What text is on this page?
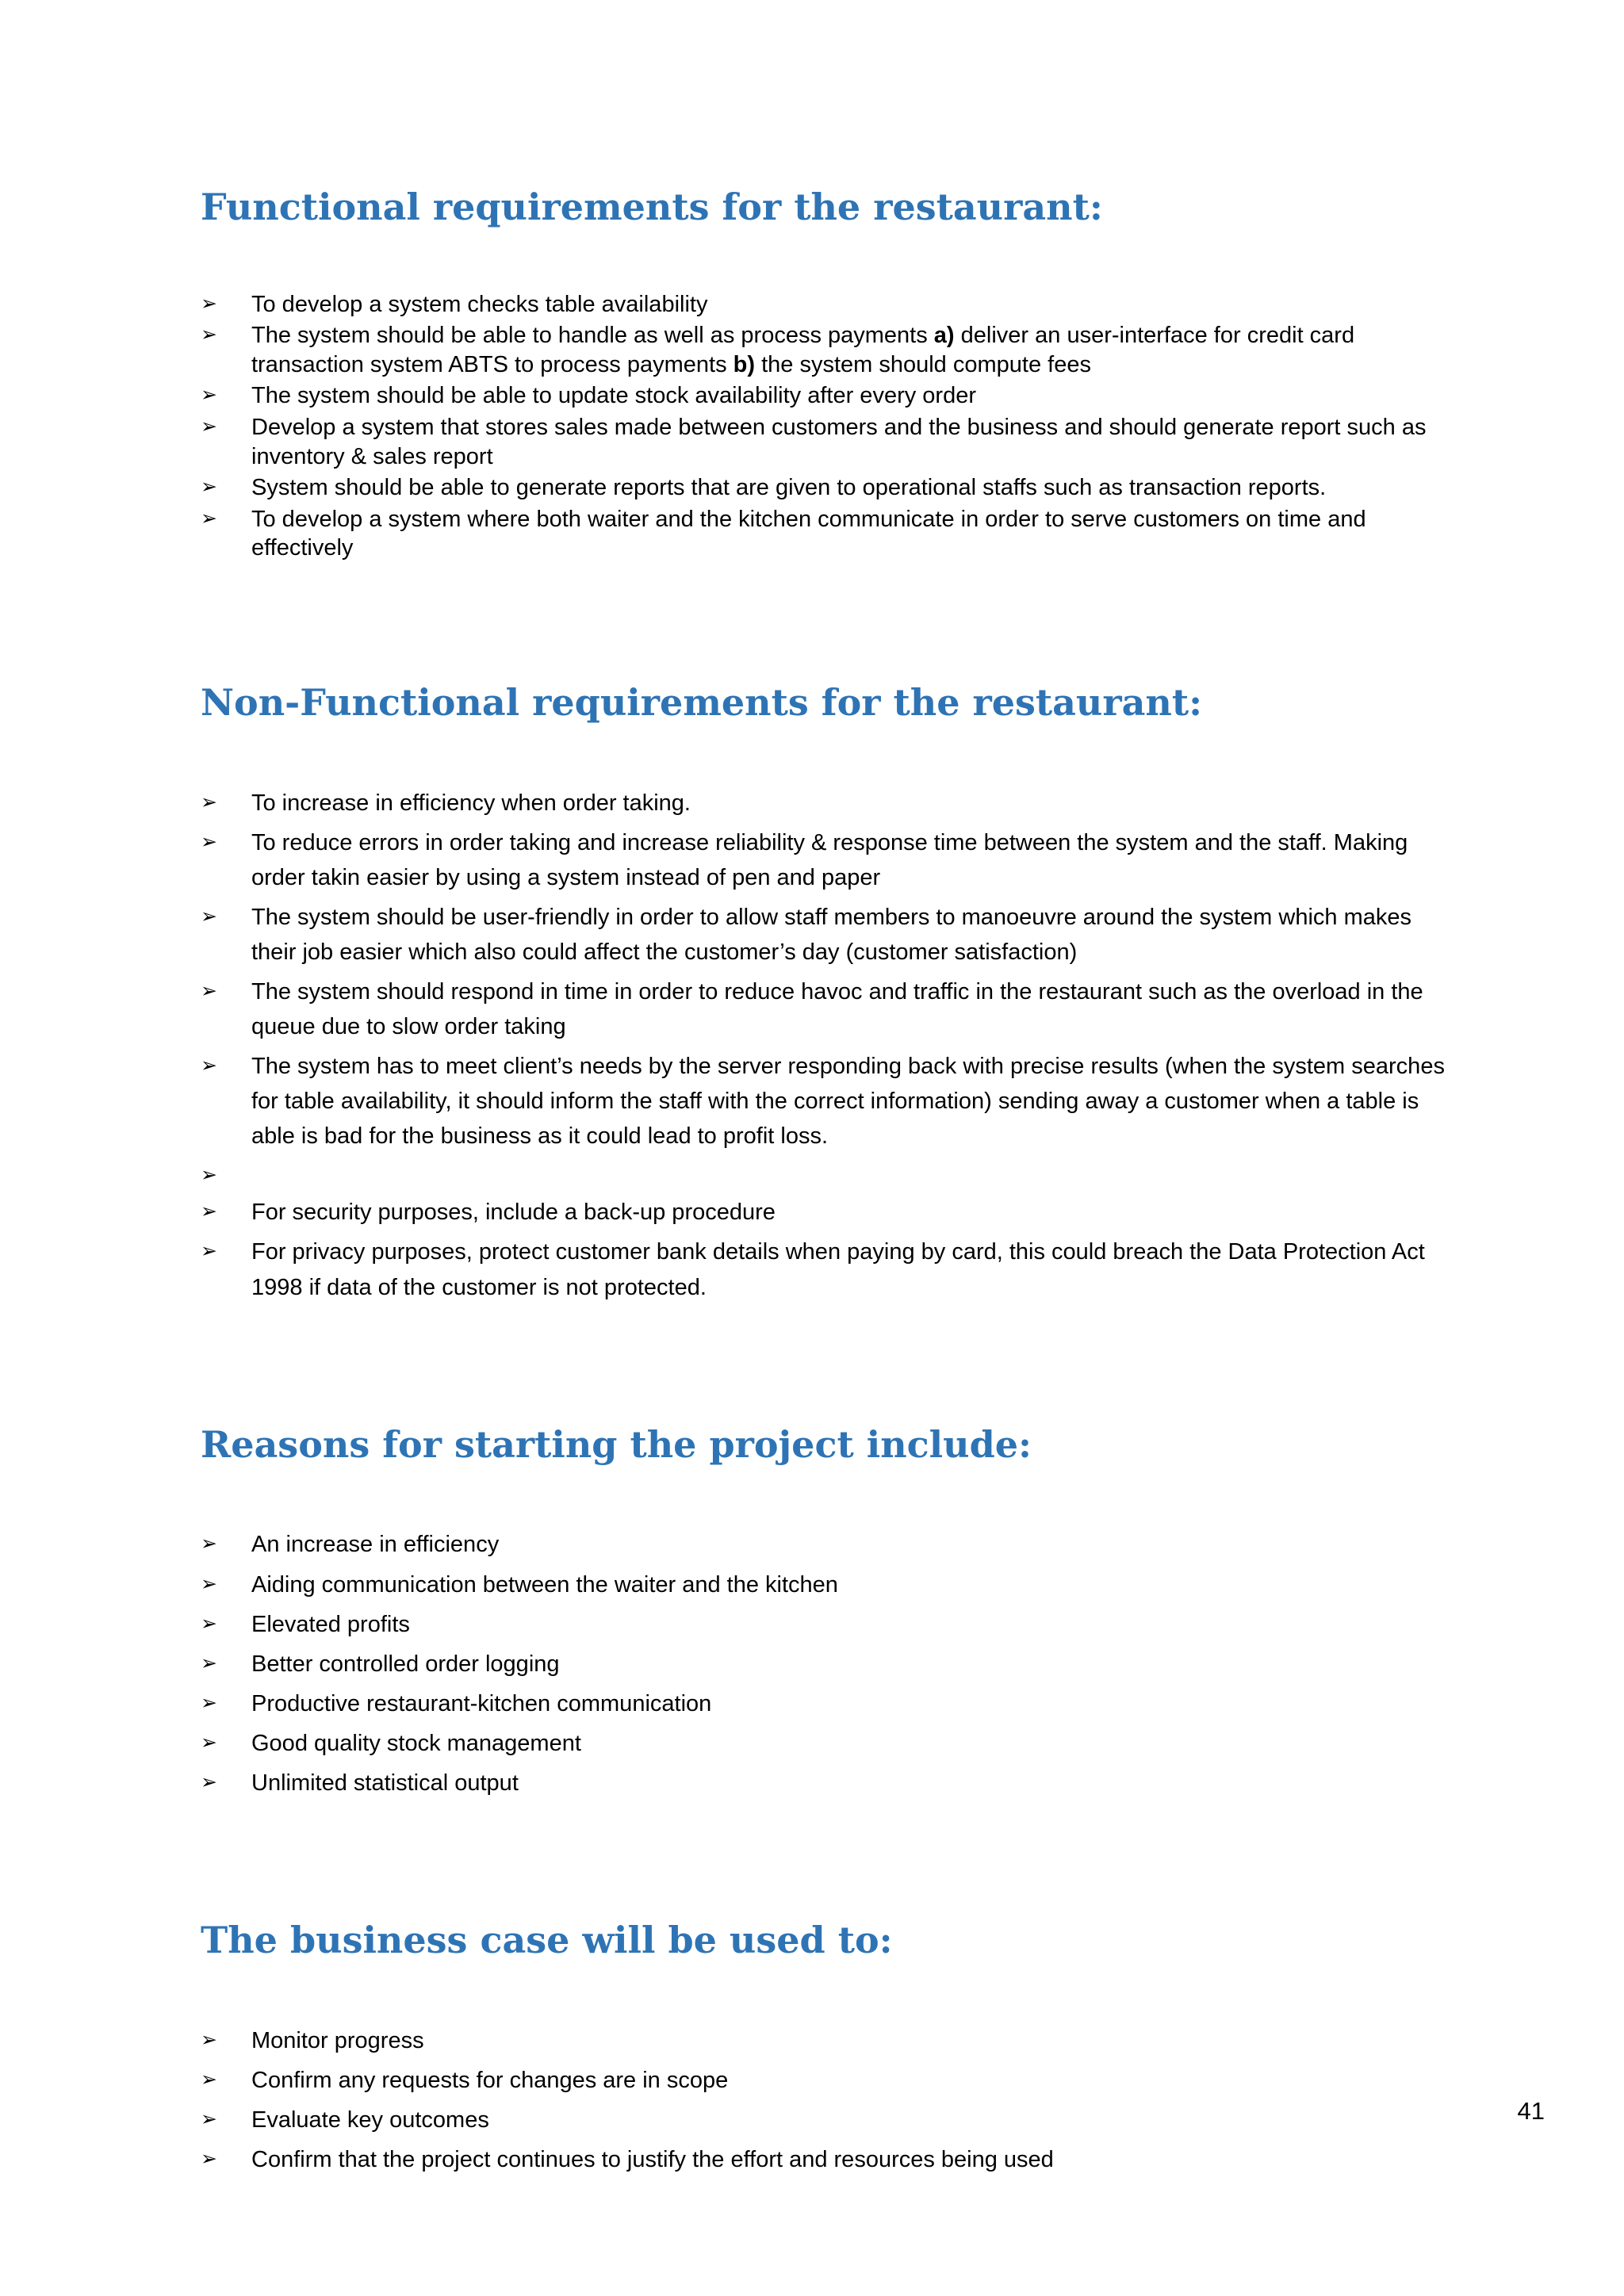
Functional requirements for the restaurant:
➢	To develop a system checks table availability
➢	The system should be able to handle as well as process payments a) deliver an user-interface for credit card transaction system ABTS to process payments b) the system should compute fees
➢	The system should be able to update stock availability after every order
➢	Develop a system that stores sales made between customers and the business and should generate report such as inventory & sales report
➢	System should be able to generate reports that are given to operational staffs such as transaction reports.
➢	To develop a system where both waiter and the kitchen communicate in order to serve customers on time and effectively
Non-Functional requirements for the restaurant:
➢	To increase in efficiency when order taking.
➢	To reduce errors in order taking and increase reliability & response time between the system and the staff. Making order takin easier by using a system instead of pen and paper
➢	The system should be user-friendly in order to allow staff members to manoeuvre around the system which makes their job easier which also could affect the customer’s day (customer satisfaction)
➢	The system should respond in time in order to reduce havoc and traffic in the restaurant such as the overload in the queue due to slow order taking
➢	The system has to meet client’s needs by the server responding back with precise results (when the system searches for table availability, it should inform the staff with the correct information) sending away a customer when a table is able is bad for the business as it could lead to profit loss.
➢
➢	For security purposes, include a back-up procedure
➢	For privacy purposes, protect customer bank details when paying by card, this could breach the Data Protection Act 1998 if data of the customer is not protected.
Reasons for starting the project include:
➢	An increase in efficiency
➢	Aiding communication between the waiter and the kitchen
➢	Elevated profits
➢	Better controlled order logging
➢	Productive restaurant-kitchen communication
➢	Good quality stock management
➢	Unlimited statistical output
The business case will be used to:
➢	Monitor progress
➢	Confirm any requests for changes are in scope
➢	Evaluate key outcomes
➢	Confirm that the project continues to justify the effort and resources being used
41
